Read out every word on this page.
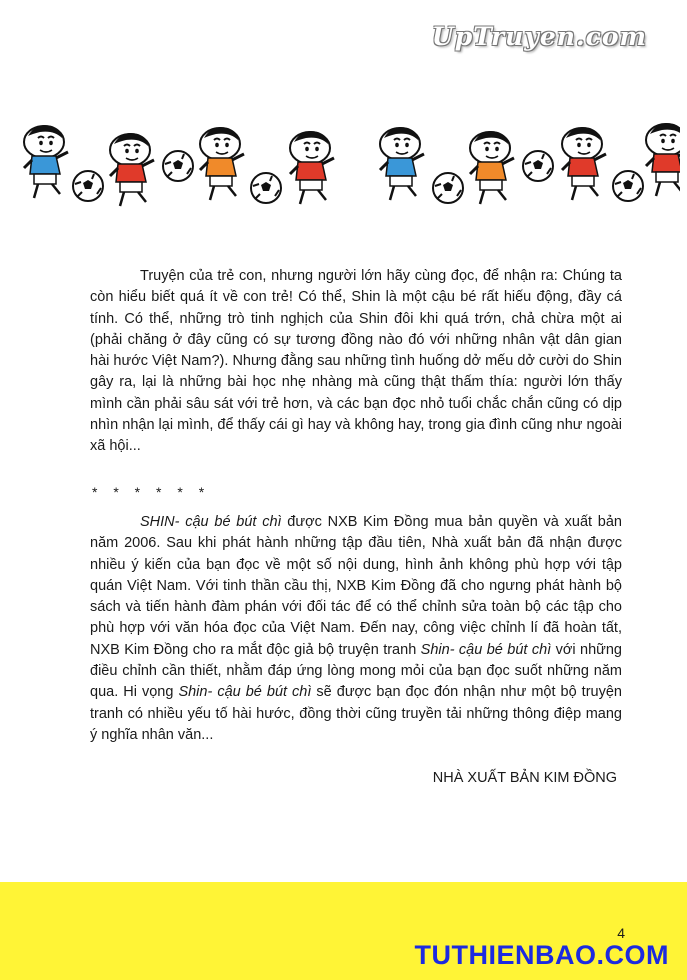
UpTruyen.com

Truyện của trẻ con, nhưng người lớn hãy cùng đọc, để nhận ra: Chúng ta còn hiểu biết quá ít về con trẻ! Có thể, Shin là một cậu bé rất hiếu động, đầy cá tính. Có thể, những trò tinh nghịch của Shin đôi khi quá trớn, chả chừa một ai (phải chăng ở đây cũng có sự tương đồng nào đó với những nhân vật dân gian hài hước Việt Nam?). Nhưng đằng sau những tình huống dở mếu dở cười do Shin gây ra, lại là những bài học nhẹ nhàng mà cũng thật thấm thía: người lớn thấy mình cần phải sâu sát với trẻ hơn, và các bạn đọc nhỏ tuổi chắc chắn cũng có dịp nhìn nhận lại mình, để thấy cái gì hay và không hay, trong gia đình cũng như ngoài xã hội...

* * * * * *

SHIN- cậu bé bút chì được NXB Kim Đồng mua bản quyền và xuất bản năm 2006. Sau khi phát hành những tập đầu tiên, Nhà xuất bản đã nhận được nhiều ý kiến của bạn đọc về một số nội dung, hình ảnh không phù hợp với tập quán Việt Nam. Với tinh thần cầu thị, NXB Kim Đồng đã cho ngưng phát hành bộ sách và tiến hành đàm phán với đối tác để có thể chỉnh sửa toàn bộ các tập cho phù hợp với văn hóa đọc của Việt Nam. Đến nay, công việc chỉnh lí đã hoàn tất, NXB Kim Đồng cho ra mắt độc giả bộ truyện tranh Shin- cậu bé bút chì với những điều chỉnh cần thiết, nhằm đáp ứng lòng mong mỏi của bạn đọc suốt những năm qua. Hi vọng Shin- cậu bé bút chì sẽ được bạn đọc đón nhận như một bộ truyện tranh có nhiều yếu tố hài hước, đồng thời cũng truyền tải những thông điệp mang ý nghĩa nhân văn...

NHÀ XUẤT BẢN KIM ĐỒNG
4
TUTHIENBAO.COM
